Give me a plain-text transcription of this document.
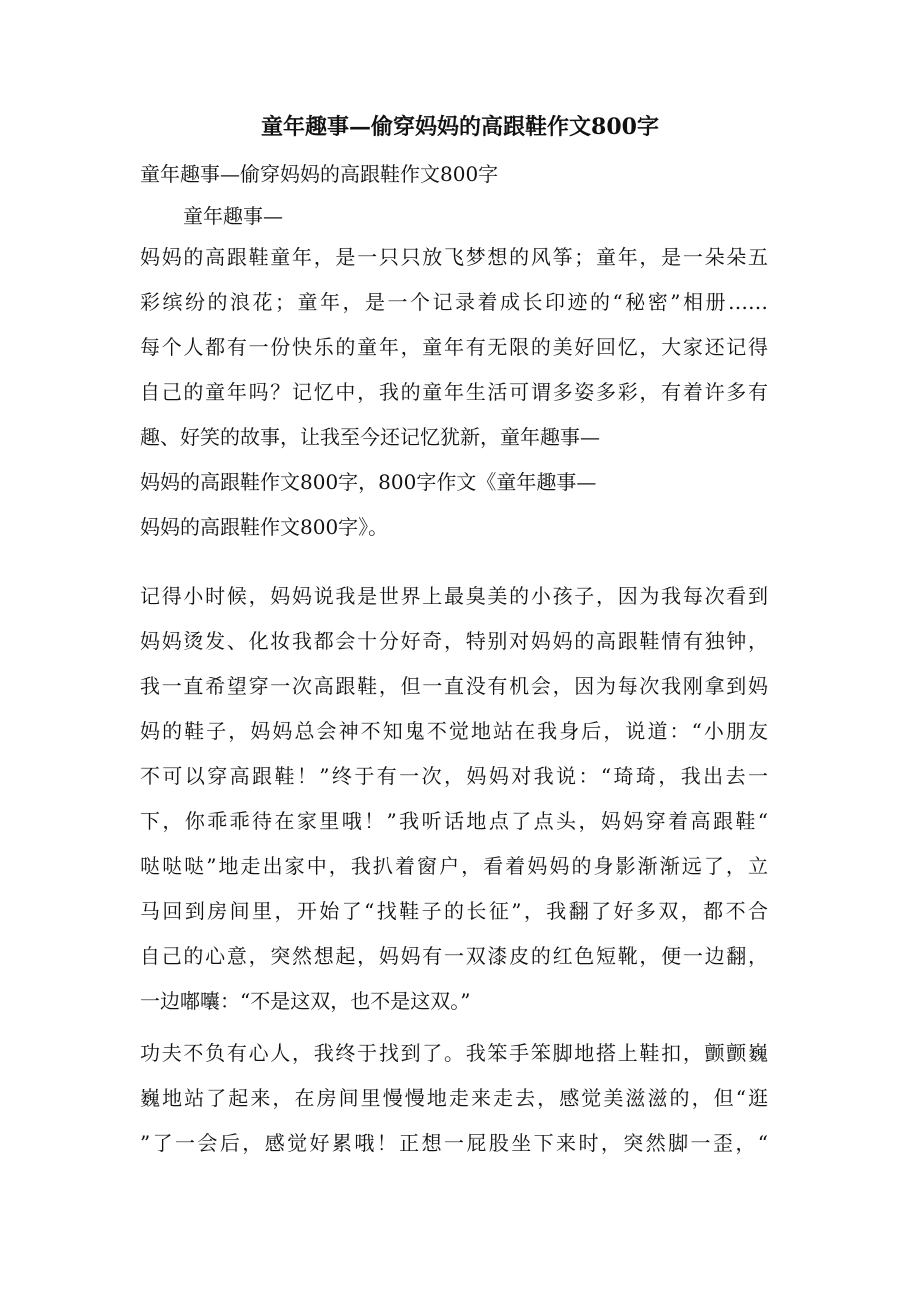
童年趣事—偷穿妈妈的高跟鞋作文800字
童年趣事—偷穿妈妈的高跟鞋作文800字
童年趣事—
妈妈的高跟鞋童年，是一只只放飞梦想的风筝；童年，是一朵朵五
彩缤纷的浪花；童年，是一个记录着成长印迹的“秘密”相册……
每个人都有一份快乐的童年，童年有无限的美好回忆，大家还记得
自己的童年吗？记忆中，我的童年生活可谓多姿多彩，有着许多有
趣、好笑的故事，让我至今还记忆犹新，童年趣事—
妈妈的高跟鞋作文800字，800字作文《童年趣事—
妈妈的高跟鞋作文800字》。
记得小时候，妈妈说我是世界上最臭美的小孩子，因为我每次看到
妈妈烫发、化妆我都会十分好奇，特别对妈妈的高跟鞋情有独钟，
我一直希望穿一次高跟鞋，但一直没有机会，因为每次我刚拿到妈
妈的鞋子，妈妈总会神不知鬼不觉地站在我身后，说道：“小朋友
不可以穿高跟鞋！”终于有一次，妈妈对我说：“琦琦，我出去一
下，你乖乖待在家里哦！”我听话地点了点头，妈妈穿着高跟鞋“
哒哒哒”地走出家中，我扒着窗户，看着妈妈的身影渐渐远了，立
马回到房间里，开始了“找鞋子的长征”，我翻了好多双，都不合
自己的心意，突然想起，妈妈有一双漆皮的红色短靴，便一边翻，
一边嘟囔：“不是这双，也不是这双。”
功夫不负有心人，我终于找到了。我笨手笨脚地搭上鞋扣，颤颤巍
巍地站了起来，在房间里慢慢地走来走去，感觉美滋滋的，但“逛
”了一会后，感觉好累哦！正想一屁股坐下来时，突然脚一歪，“
